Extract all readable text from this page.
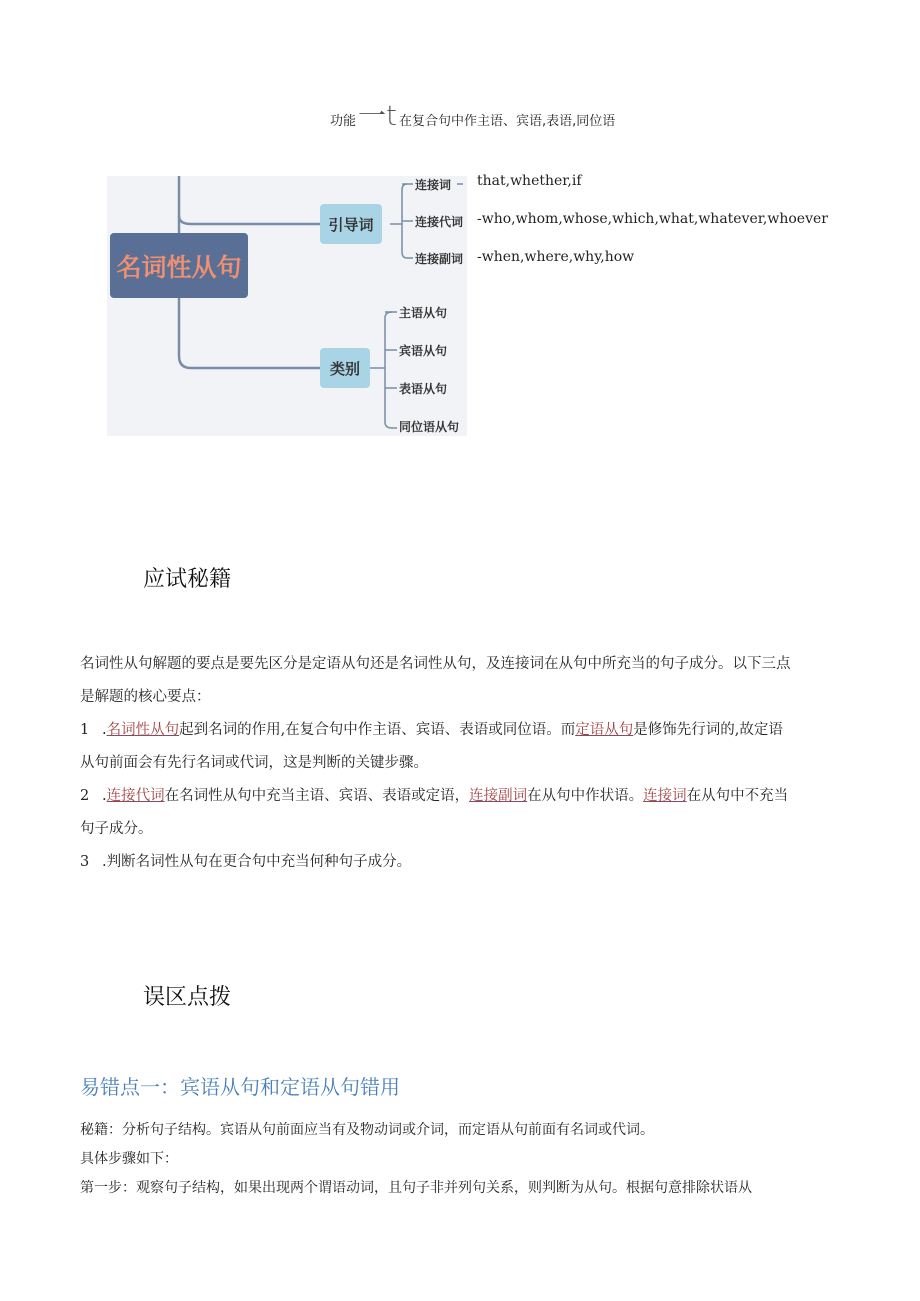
功能 一t 在复合句中作主语、宾语,表语,同位语
名词性从句
引导词
类别
连接词
连接代词
连接副词
主语从句
宾语从句
表语从句
同位语从句
that,whether,if
-who,whom,whose,which,what,whatever,whoever
-when,where,why,how
应试秘籍

名词性从句解题的要点是要先区分是定语从句还是名词性从句，及连接词在从句中所充当的句子成分。以下三点

是解题的核心要点：

1 .名词性从句起到名词的作用,在复合句中作主语、宾语、表语或同位语。而定语从句是修饰先行词的,故定语

从句前面会有先行名词或代词，这是判断的关键步骤。

2 .连接代词在名词性从句中充当主语、宾语、表语或定语，连接副词在从句中作状语。连接词在从句中不充当

句子成分。

3 .判断名词性从句在更合句中充当何种句子成分。

误区点拨
易错点一：宾语从句和定语从句错用

秘籍：分析句子结构。宾语从句前面应当有及物动词或介词，而定语从句前面有名词或代词。

具体步骤如下：

第一步：观察句子结构，如果出现两个谓语动词，且句子非并列句关系，则判断为从句。根据句意排除状语从
